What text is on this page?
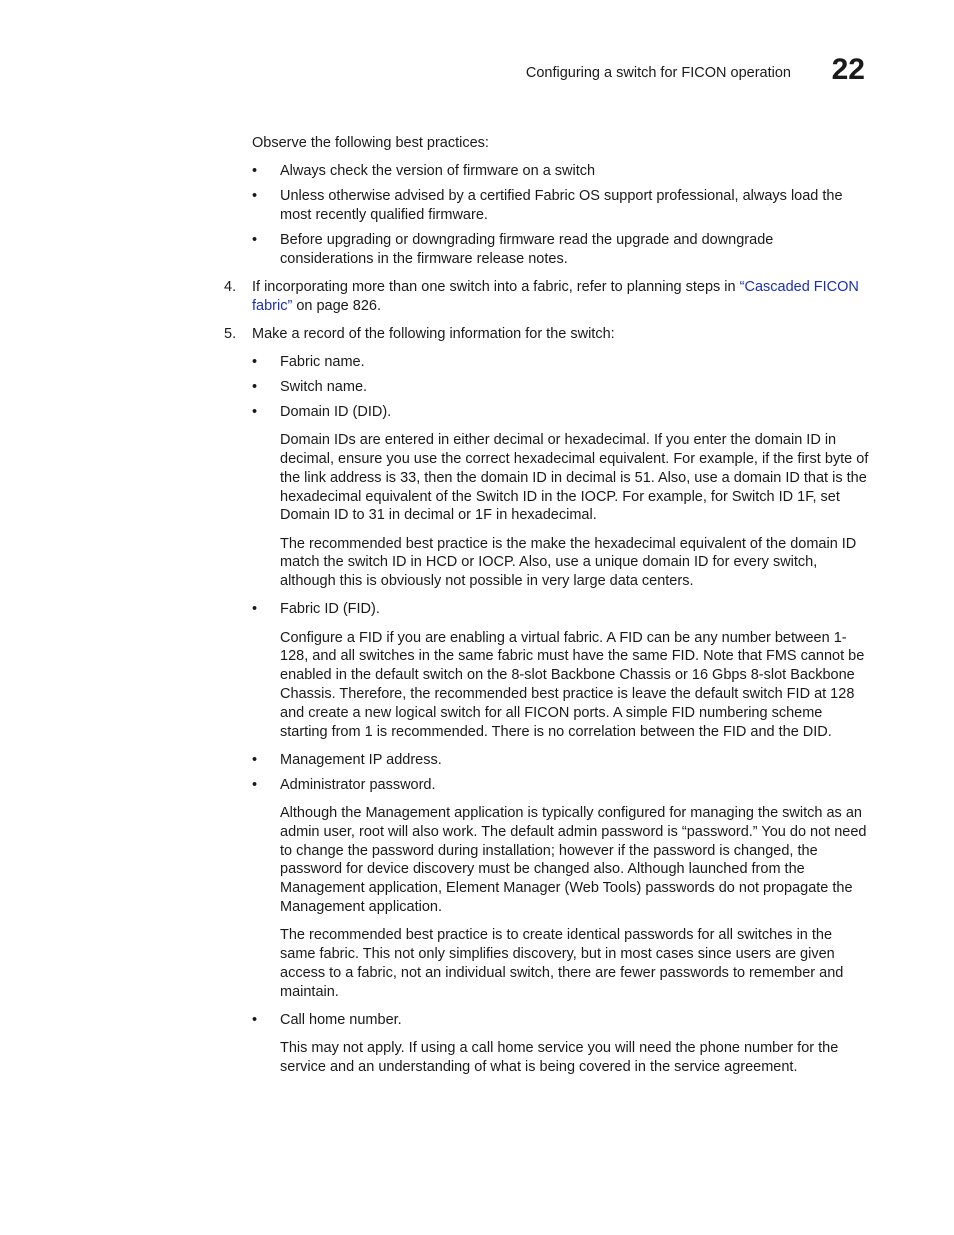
Configuring a switch for FICON operation 22

Observe the following best practices:

• Always check the version of firmware on a switch
• Unless otherwise advised by a certified Fabric OS support professional, always load the most recently qualified firmware.
• Before upgrading or downgrading firmware read the upgrade and downgrade considerations in the firmware release notes.
4. If incorporating more than one switch into a fabric, refer to planning steps in “Cascaded FICON fabric” on page 826.
5. Make a record of the following information for the switch:
• Fabric name.
• Switch name.
• Domain ID (DID).

Domain IDs are entered in either decimal or hexadecimal. If you enter the domain ID in decimal, ensure you use the correct hexadecimal equivalent. For example, if the first byte of the link address is 33, then the domain ID in decimal is 51. Also, use a domain ID that is the hexadecimal equivalent of the Switch ID in the IOCP. For example, for Switch ID 1F, set Domain ID to 31 in decimal or 1F in hexadecimal.

The recommended best practice is the make the hexadecimal equivalent of the domain ID match the switch ID in HCD or IOCP. Also, use a unique domain ID for every switch, although this is obviously not possible in very large data centers.

• Fabric ID (FID).

Configure a FID if you are enabling a virtual fabric. A FID can be any number between 1-128, and all switches in the same fabric must have the same FID. Note that FMS cannot be enabled in the default switch on the 8-slot Backbone Chassis or 16 Gbps 8-slot Backbone Chassis. Therefore, the recommended best practice is leave the default switch FID at 128 and create a new logical switch for all FICON ports. A simple FID numbering scheme starting from 1 is recommended. There is no correlation between the FID and the DID.

• Management IP address.
• Administrator password.

Although the Management application is typically configured for managing the switch as an admin user, root will also work. The default admin password is “password.” You do not need to change the password during installation; however if the password is changed, the password for device discovery must be changed also. Although launched from the Management application, Element Manager (Web Tools) passwords do not propagate the Management application.

The recommended best practice is to create identical passwords for all switches in the same fabric. This not only simplifies discovery, but in most cases since users are given access to a fabric, not an individual switch, there are fewer passwords to remember and maintain.

• Call home number.

This may not apply. If using a call home service you will need the phone number for the service and an understanding of what is being covered in the service agreement.
